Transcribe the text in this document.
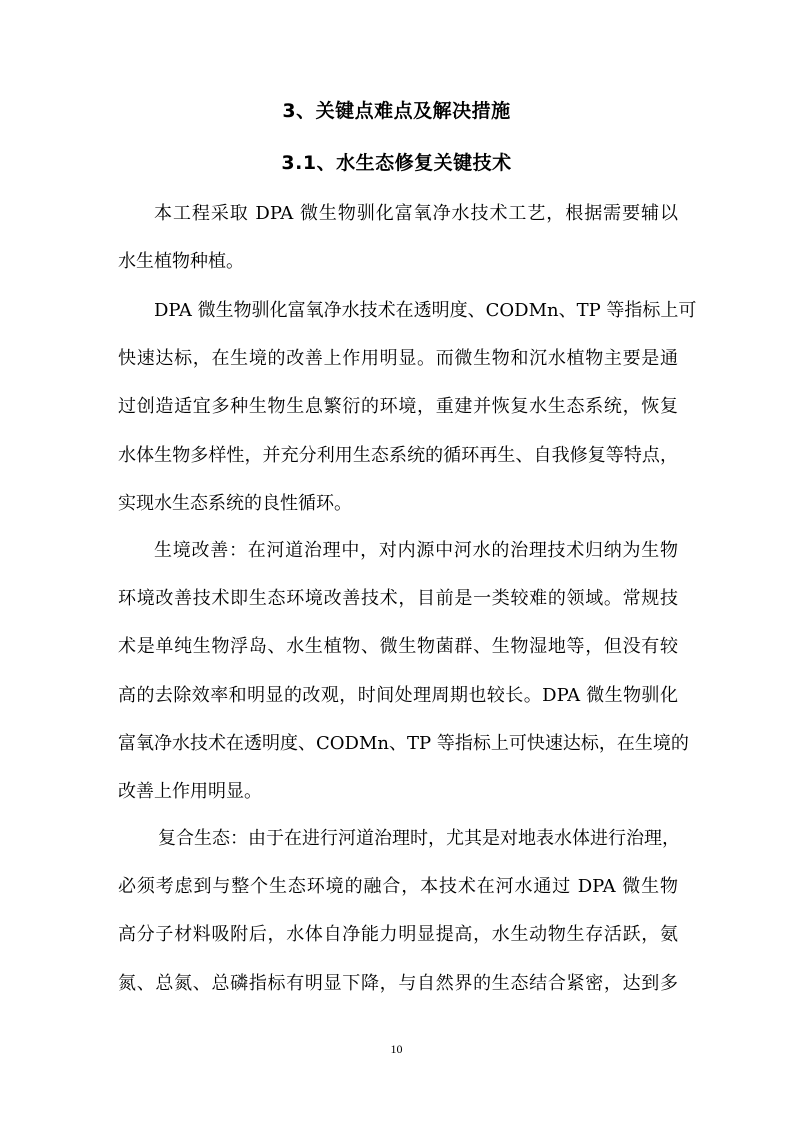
3、关键点难点及解决措施
3.1、水生态修复关键技术

本工程采取 DPA 微生物驯化富氧净水技术工艺，根据需要辅以
水生植物种植。

DPA 微生物驯化富氧净水技术在透明度、CODMn、TP 等指标上可
快速达标，在生境的改善上作用明显。而微生物和沉水植物主要是通
过创造适宜多种生物生息繁衍的环境，重建并恢复水生态系统，恢复
水体生物多样性，并充分利用生态系统的循环再生、自我修复等特点，
实现水生态系统的良性循环。

生境改善：在河道治理中，对内源中河水的治理技术归纳为生物
环境改善技术即生态环境改善技术，目前是一类较难的领域。常规技
术是单纯生物浮岛、水生植物、微生物菌群、生物湿地等，但没有较
高的去除效率和明显的改观，时间处理周期也较长。DPA 微生物驯化
富氧净水技术在透明度、CODMn、TP 等指标上可快速达标，在生境的
改善上作用明显。

复合生态：由于在进行河道治理时，尤其是对地表水体进行治理，
必须考虑到与整个生态环境的融合，本技术在河水通过 DPA 微生物
高分子材料吸附后，水体自净能力明显提高，水生动物生存活跃，氨
氮、总氮、总磷指标有明显下降，与自然界的生态结合紧密，达到多

10
